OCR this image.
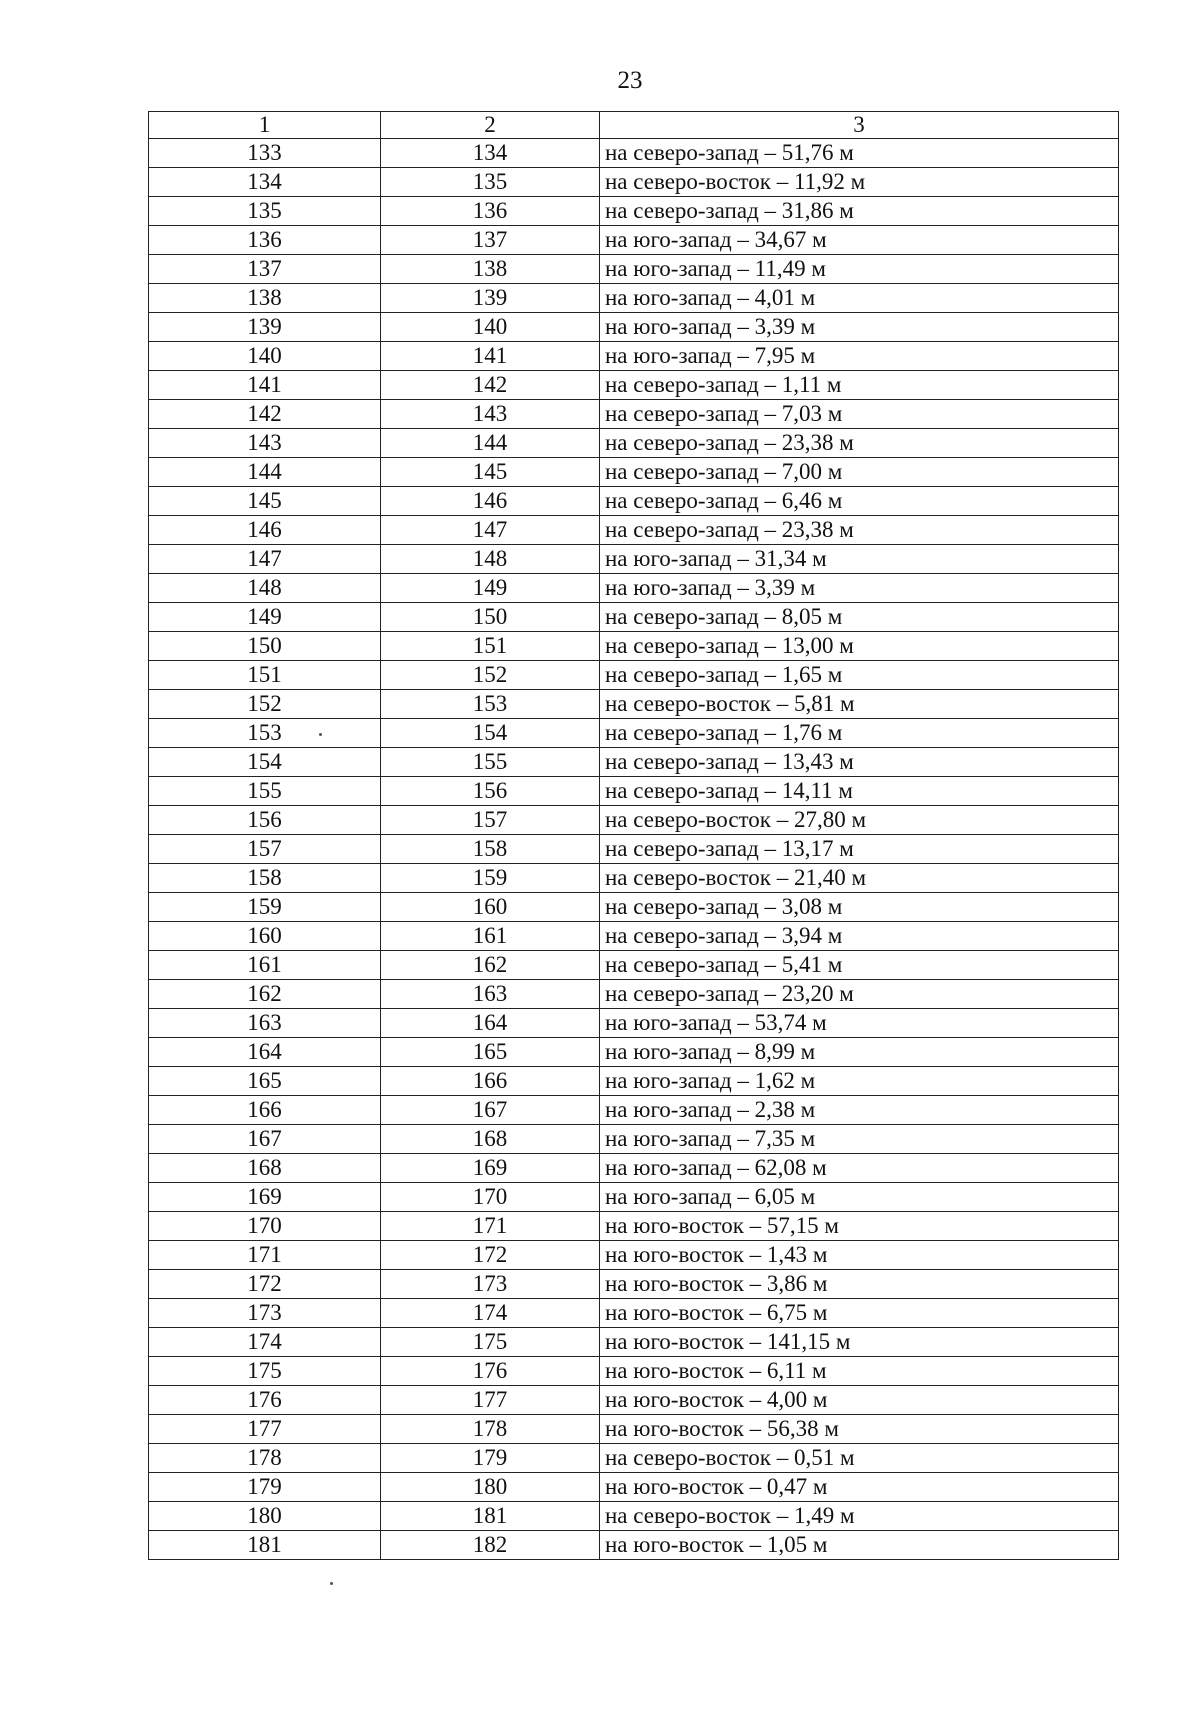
23
1	2	3
133	134	на северо-запад – 51,76 м
134	135	на северо-восток – 11,92 м
135	136	на северо-запад – 31,86 м
136	137	на юго-запад – 34,67 м
137	138	на юго-запад – 11,49 м
138	139	на юго-запад – 4,01 м
139	140	на юго-запад – 3,39 м
140	141	на юго-запад – 7,95 м
141	142	на северо-запад – 1,11 м
142	143	на северо-запад – 7,03 м
143	144	на северо-запад – 23,38 м
144	145	на северо-запад – 7,00 м
145	146	на северо-запад – 6,46 м
146	147	на северо-запад – 23,38 м
147	148	на юго-запад – 31,34 м
148	149	на юго-запад – 3,39 м
149	150	на северо-запад – 8,05 м
150	151	на северо-запад – 13,00 м
151	152	на северо-запад – 1,65 м
152	153	на северо-восток – 5,81 м
153	154	на северо-запад – 1,76 м
154	155	на северо-запад – 13,43 м
155	156	на северо-запад – 14,11 м
156	157	на северо-восток – 27,80 м
157	158	на северо-запад – 13,17 м
158	159	на северо-восток – 21,40 м
159	160	на северо-запад – 3,08 м
160	161	на северо-запад – 3,94 м
161	162	на северо-запад – 5,41 м
162	163	на северо-запад – 23,20 м
163	164	на юго-запад – 53,74 м
164	165	на юго-запад – 8,99 м
165	166	на юго-запад – 1,62 м
166	167	на юго-запад – 2,38 м
167	168	на юго-запад – 7,35 м
168	169	на юго-запад – 62,08 м
169	170	на юго-запад – 6,05 м
170	171	на юго-восток – 57,15 м
171	172	на юго-восток – 1,43 м
172	173	на юго-восток – 3,86 м
173	174	на юго-восток – 6,75 м
174	175	на юго-восток – 141,15 м
175	176	на юго-восток – 6,11 м
176	177	на юго-восток – 4,00 м
177	178	на юго-восток – 56,38 м
178	179	на северо-восток – 0,51 м
179	180	на юго-восток – 0,47 м
180	181	на северо-восток – 1,49 м
181	182	на юго-восток – 1,05 м
